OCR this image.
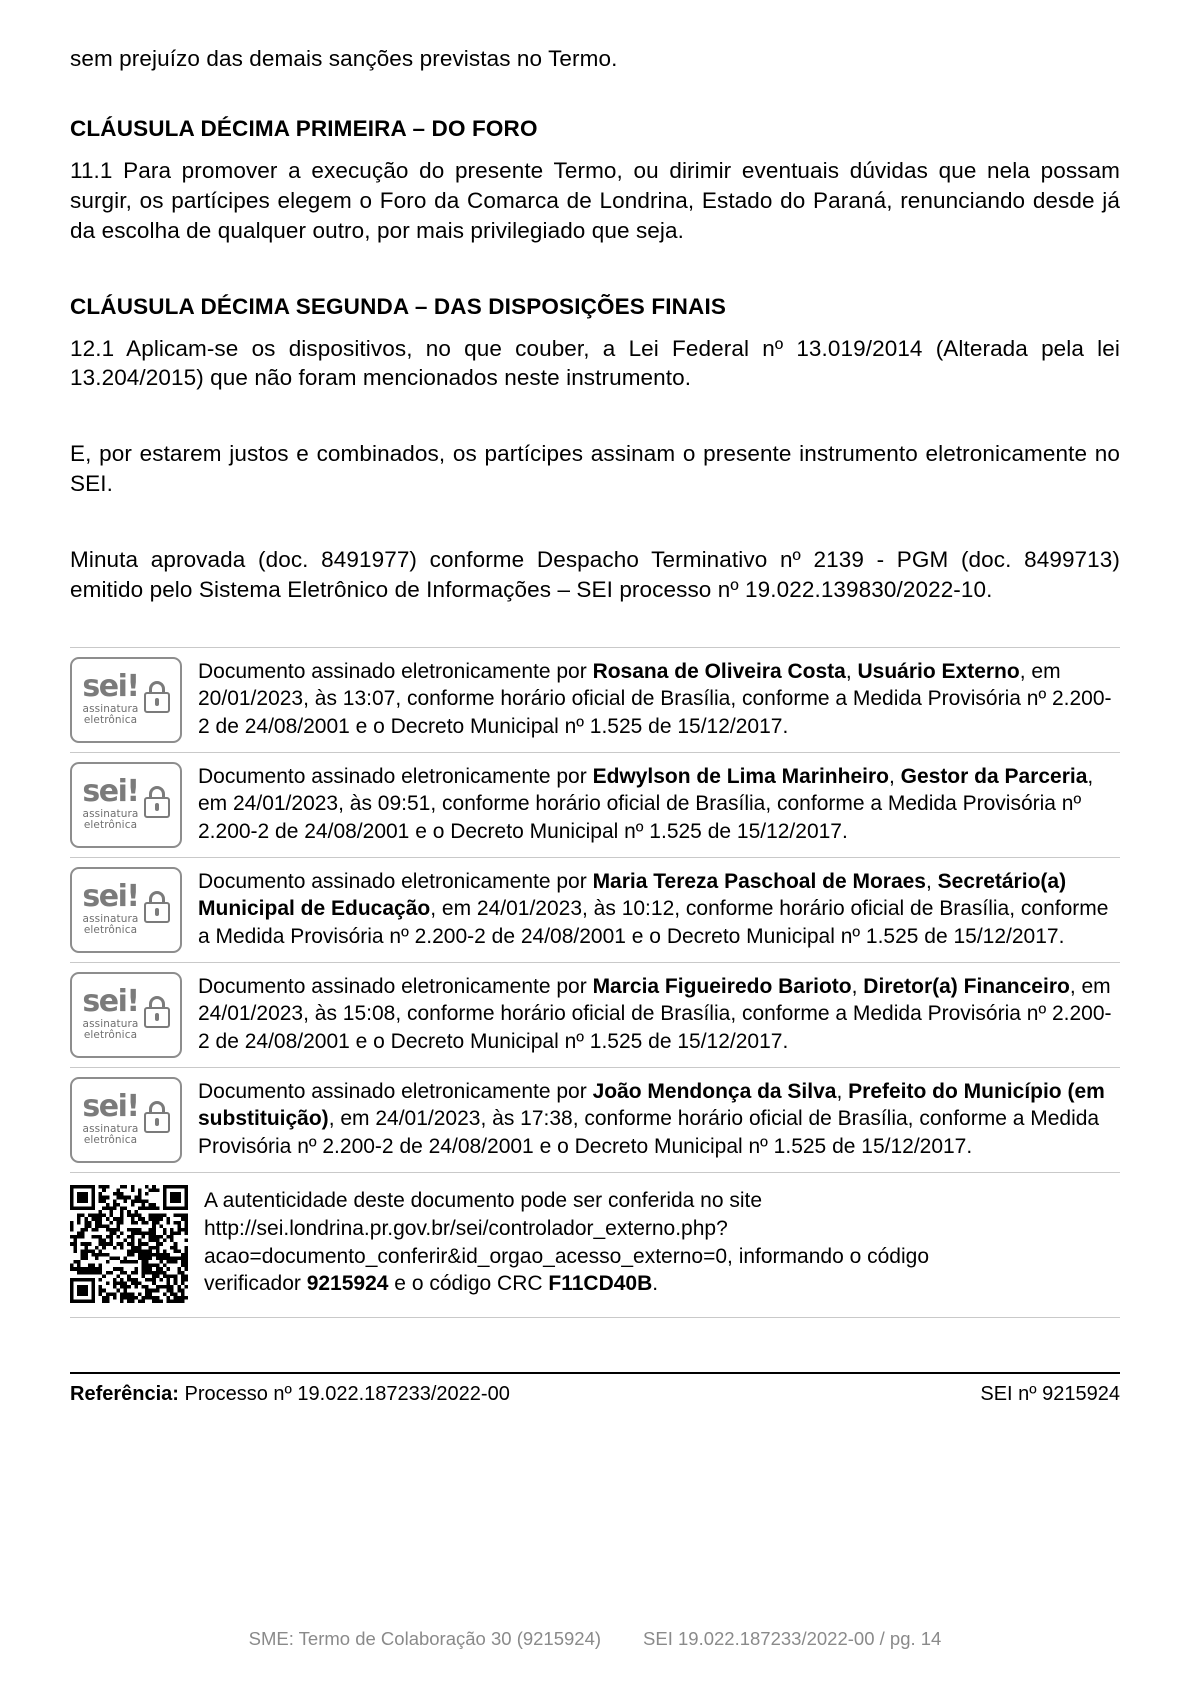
sem prejuízo das demais sanções previstas no Termo.

CLÁUSULA DÉCIMA PRIMEIRA – DO FORO

11.1 Para promover a execução do presente Termo, ou dirimir eventuais dúvidas que nela possam surgir, os partícipes elegem o Foro da Comarca de Londrina, Estado do Paraná, renunciando desde já da escolha de qualquer outro, por mais privilegiado que seja.

CLÁUSULA DÉCIMA SEGUNDA – DAS DISPOSIÇÕES FINAIS

12.1 Aplicam-se os dispositivos, no que couber, a Lei Federal nº 13.019/2014 (Alterada pela lei 13.204/2015) que não foram mencionados neste instrumento.

E, por estarem justos e combinados, os partícipes assinam o presente instrumento eletronicamente no SEI.

Minuta aprovada (doc. 8491977) conforme Despacho Terminativo nº 2139 - PGM (doc. 8499713) emitido pelo Sistema Eletrônico de Informações – SEI processo nº 19.022.139830/2022-10.

sei!
assinatura
eletrônica
Documento assinado eletronicamente por Rosana de Oliveira Costa, Usuário Externo, em 20/01/2023, às 13:07, conforme horário oficial de Brasília, conforme a Medida Provisória nº 2.200-2 de 24/08/2001 e o Decreto Municipal nº 1.525 de 15/12/2017.
sei!
assinatura
eletrônica
Documento assinado eletronicamente por Edwylson de Lima Marinheiro, Gestor da Parceria, em 24/01/2023, às 09:51, conforme horário oficial de Brasília, conforme a Medida Provisória nº 2.200-2 de 24/08/2001 e o Decreto Municipal nº 1.525 de 15/12/2017.
sei!
assinatura
eletrônica
Documento assinado eletronicamente por Maria Tereza Paschoal de Moraes, Secretário(a) Municipal de Educação, em 24/01/2023, às 10:12, conforme horário oficial de Brasília, conforme a Medida Provisória nº 2.200-2 de 24/08/2001 e o Decreto Municipal nº 1.525 de 15/12/2017.
sei!
assinatura
eletrônica
Documento assinado eletronicamente por Marcia Figueiredo Barioto, Diretor(a) Financeiro, em 24/01/2023, às 15:08, conforme horário oficial de Brasília, conforme a Medida Provisória nº 2.200-2 de 24/08/2001 e o Decreto Municipal nº 1.525 de 15/12/2017.
sei!
assinatura
eletrônica
Documento assinado eletronicamente por João Mendonça da Silva, Prefeito do Município (em substituição), em 24/01/2023, às 17:38, conforme horário oficial de Brasília, conforme a Medida Provisória nº 2.200-2 de 24/08/2001 e o Decreto Municipal nº 1.525 de 15/12/2017.
A autenticidade deste documento pode ser conferida no site
http://sei.londrina.pr.gov.br/sei/controlador_externo.php?
acao=documento_conferir&id_orgao_acesso_externo=0, informando o código
verificador 9215924 e o código CRC F11CD40B.
Referência: Processo nº 19.022.187233/2022-00	SEI nº 9215924
SME: Termo de Colaboração 30 (9215924) SEI 19.022.187233/2022-00 / pg. 14
